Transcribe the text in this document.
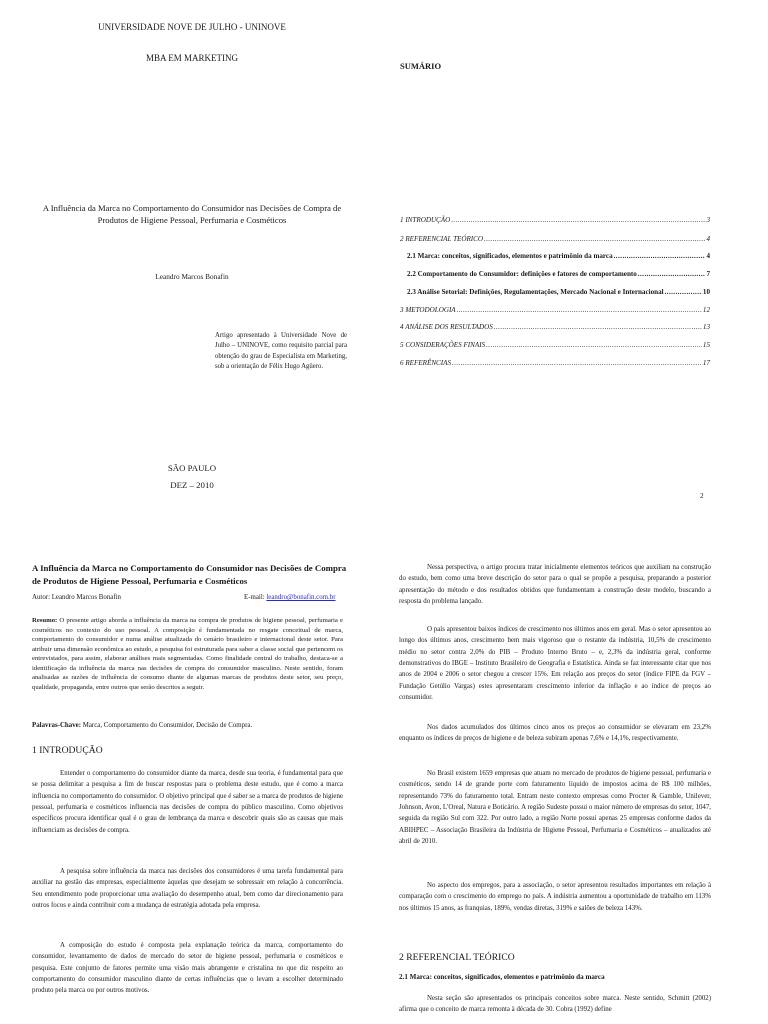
UNIVERSIDADE NOVE DE JULHO - UNINOVE
MBA EM MARKETING
A Influência da Marca no Comportamento do Consumidor nas Decisões de Compra de Produtos de Higiene Pessoal, Perfumaria e Cosméticos
Leandro Marcos Bonafin
Artigo apresentado à Universidade Nove de Julho – UNINOVE, como requisito parcial para obtenção do grau de Especialista em Marketing, sob a orientação de Félix Hugo Agüero.
SÃO PAULO
DEZ – 2010
SUMÁRIO
1 INTRODUÇÃO .....	3
2 REFERENCIAL TEÓRICO .....	4
2.1 Marca: conceitos, significados, elementos e patrimônio da marca .....	4
2.2 Comportamento do Consumidor: definições e fatores de comportamento .....	7
2.3 Análise Setorial: Definições, Regulamentações, Mercado Nacional e Internacional .....	10
3 METODOLOGIA .....	12
4 ANÁLISE DOS RESULTADOS .....	13
5 CONSIDERAÇÕES FINAIS .....	15
6 REFERÊNCIAS .....	17
2
A Influência da Marca no Comportamento do Consumidor nas Decisões de Compra de Produtos de Higiene Pessoal, Perfumaria e Cosméticos
Autor: Leandro Marcos Bonafin	E-mail: leandro@bonafin.com.br
Resumo: O presente artigo aborda a influência da marca na compra de produtos de higiene pessoal, perfumaria e cosméticos no contexto do uso pessoal. A composição é fundamentada no resgate conceitual de marca, comportamento do consumidor e numa análise atualizada do cenário brasileiro e internacional deste setor. Para atribuir uma dimensão econômica ao estudo, a pesquisa foi estruturada para saber a classe social que pertencem os entrevistados, para assim, elaborar análises mais segmentadas. Como finalidade central do trabalho, destaca-se a identificação da influência da marca nas decisões de compra do consumidor masculino. Neste sentido, foram analisadas as razões de influência de consumo diante de algumas marcas de produtos deste setor, seu preço, qualidade, propaganda, entre outros que serão descritos a seguir.
Palavras-Chave: Marca, Comportamento do Consumidor, Decisão de Compra.
1 INTRODUÇÃO
Entender o comportamento do consumidor diante da marca, desde sua teoria, é fundamental para que se possa delimitar a pesquisa a fim de buscar respostas para o problema deste estudo, que é como a marca influencia no comportamento do consumidor. O objetivo principal que é saber se a marca de produtos de higiene pessoal, perfumaria e cosméticos influencia nas decisões de compra do público masculino. Como objetivos específicos procura identificar qual é o grau de lembrança da marca e descobrir quais são as causas que mais influenciam as decisões de compra.
A pesquisa sobre influência da marca nas decisões dos consumidores é uma tarefa fundamental para auxiliar na gestão das empresas, especialmente àquelas que desejam se sobressair em relação à concorrência. Seu entendimento pode proporcionar uma avaliação do desempenho atual, bem como dar direcionamento para outros focos e ainda contribuir com a mudança de estratégia adotada pela empresa.
A composição do estudo é composta pela explanação teórica da marca, comportamento do consumidor, levantamento de dados de mercado do setor de higiene pessoal, perfumaria e cosméticos e pesquisa. Este conjunto de fatores permite uma visão mais abrangente e cristalina no que diz respeito ao comportamento do consumidor masculino diante de certas influências que o levam a escolher determinado produto pela marca ou por outros motivos.
Nessa perspectiva, o artigo procura tratar inicialmente elementos teóricos que auxiliam na construção do estudo, bem como uma breve descrição do setor para o qual se propõe a pesquisa, preparando a posterior apresentação do método e dos resultados obtidos que fundamentam a construção deste modelo, buscando a resposta do problema lançado.
O país apresentou baixos índices de crescimento nos últimos anos em geral. Mas o setor apresentou ao longo dos últimos anos, crescimento bem mais vigoroso que o restante da indústria, 10,5% de crescimento médio no setor contra 2,0% do PIB – Produto Interno Bruto – e, 2,3% da indústria geral, conforme demonstrativos do IBGE – Instituto Brasileiro de Geografia e Estatística. Ainda se faz interessante citar que nos anos de 2004 e 2006 o setor chegou a crescer 15%. Em relação aos preços do setor (índice FIPE da FGV – Fundação Getúlio Vargas) estes apresentaram crescimento inferior da inflação e ao índice de preços ao consumidor.
Nos dados acumulados dos últimos cinco anos os preços ao consumidor se elevaram em 23,2% enquanto os índices de preços de higiene e de beleza subiram apenas 7,6% e 14,1%, respectivamente.
No Brasil existem 1659 empresas que atuam no mercado de produtos de higiene pessoal, perfumaria e cosméticos, sendo 14 de grande porte com faturamento líquido de impostos acima de R$ 100 milhões, representando 73% do faturamento total. Entram neste contexto empresas como Procter & Gamble, Unilever, Johnson, Avon, L'Oreal, Natura e Boticário. A região Sudeste possui o maior número de empresas do setor, 1047, seguida da região Sul com 322. Por outro lado, a região Norte possui apenas 25 empresas conforme dados da ABIHPEC – Associação Brasileira da Indústria de Higiene Pessoal, Perfumaria e Cosméticos – atualizados até abril de 2010.
No aspecto dos empregos, para a associação, o setor apresentou resultados importantes em relação à comparação com o crescimento do emprego no país. A indústria aumentou a oportunidade de trabalho em 113% nos últimos 15 anos, as franquias, 189%, vendas diretas, 319% e salões de beleza 143%.
2 REFERENCIAL TEÓRICO
2.1 Marca: conceitos, significados, elementos e patrimônio da marca
Nesta seção são apresentados os principais conceitos sobre marca. Neste sentido, Schmitt (2002) afirma que o conceito de marca remonta à década de 30. Cobra (1992) define
